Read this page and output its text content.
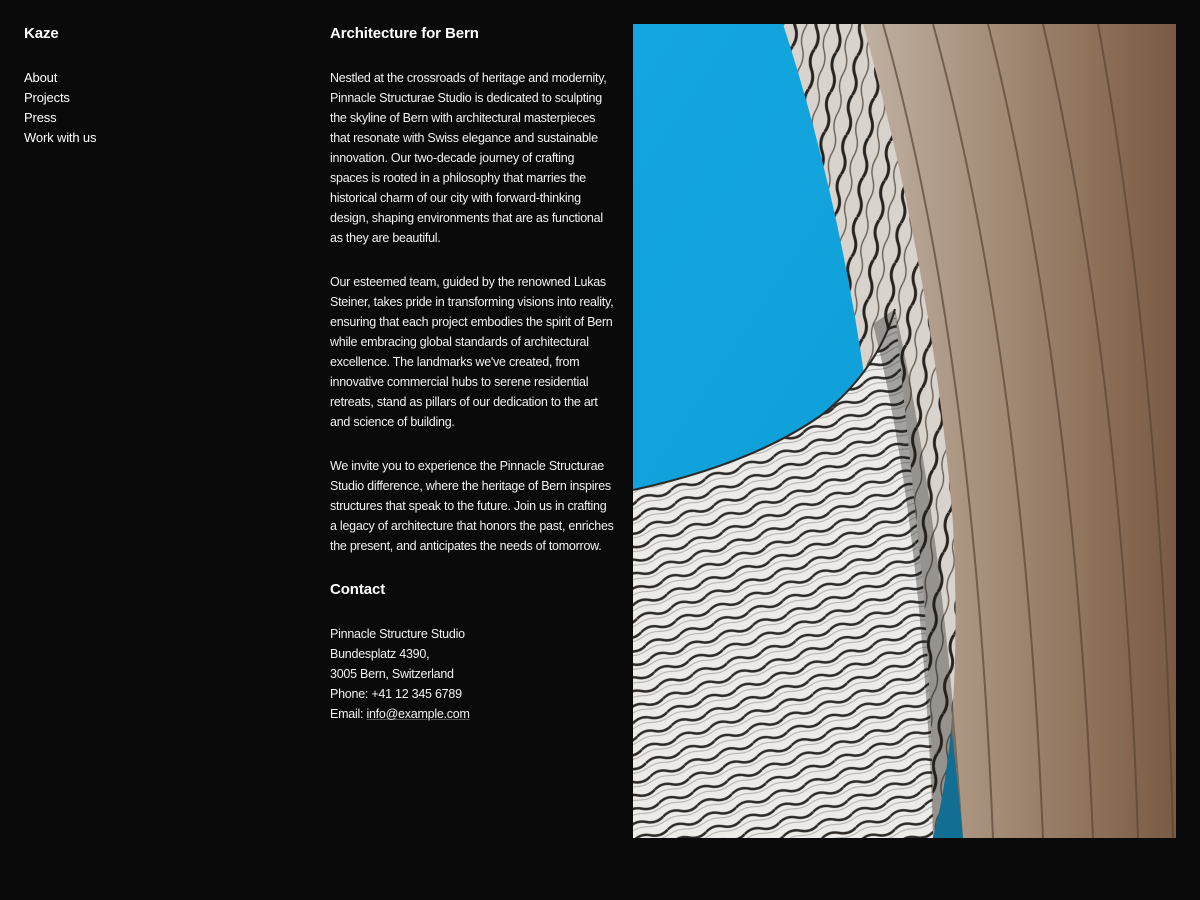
Kaze
About
Projects
Press
Work with us
Architecture for Bern

Nestled at the crossroads of heritage and modernity, Pinnacle Structurae Studio is dedicated to sculpting the skyline of Bern with architectural masterpieces that resonate with Swiss elegance and sustainable innovation. Our two-decade journey of crafting spaces is rooted in a philosophy that marries the historical charm of our city with forward-thinking design, shaping environments that are as functional as they are beautiful.

Our esteemed team, guided by the renowned Lukas Steiner, takes pride in transforming visions into reality, ensuring that each project embodies the spirit of Bern while embracing global standards of architectural excellence. The landmarks we've created, from innovative commercial hubs to serene residential retreats, stand as pillars of our dedication to the art and science of building.

We invite you to experience the Pinnacle Structurae Studio difference, where the heritage of Bern inspires structures that speak to the future. Join us in crafting a legacy of architecture that honors the past, enriches the present, and anticipates the needs of tomorrow.

Contact
Pinnacle Structure Studio
Bundesplatz 4390,
3005 Bern, Switzerland
Phone: +41 12 345 6789
Email: info@example.com
